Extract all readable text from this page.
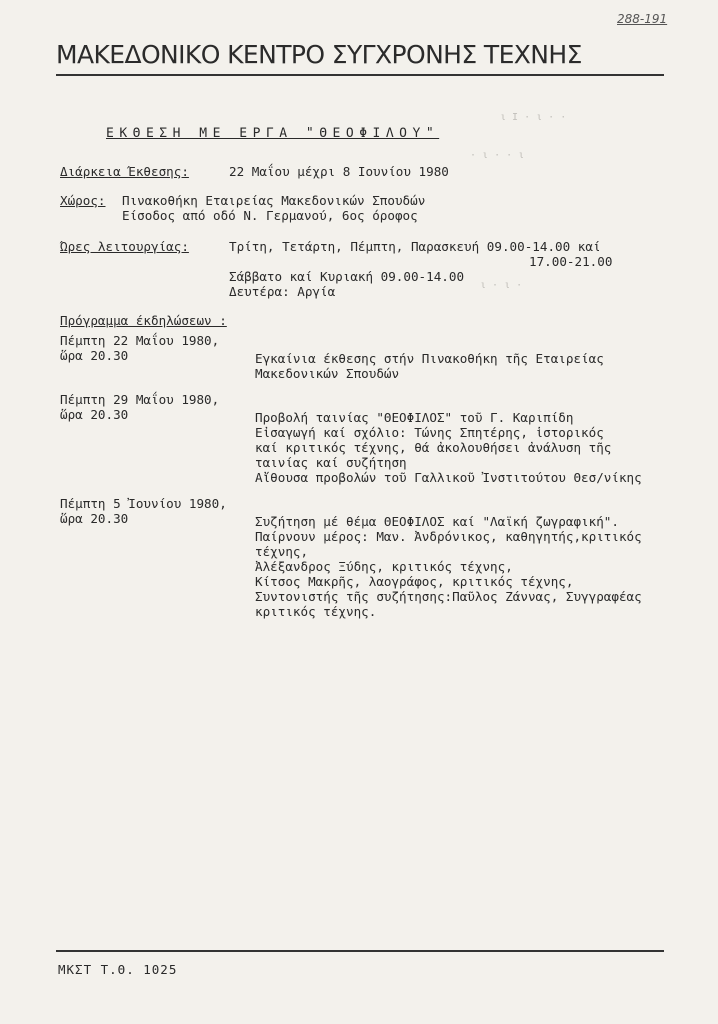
288-191
ΜΑΚΕΔΟΝΙΚΟ ΚΕΝΤΡΟ ΣΥΓΧΡΟΝΗΣ ΤΕΧΝΗΣ
ΕΚΘΕΣΗ ΜΕ ΕΡΓΑ "ΘΕΟΦΙΛΟΥ"
ι Ι · ι · ·
· ι · · ι
ι · ι ·
Διάρκεια Έκθεσης:	22 Μαΐου μέχρι 8 Ιουνίου 1980
Χώρος: Πινακοθήκη Εταιρείας Μακεδονικών Σπουδών
Είσοδος από οδό Ν. Γερμανού, 6ος όροφος
Ώρες λειτουργίας:	Τρίτη, Τετάρτη, Πέμπτη, Παρασκευή 09.00-14.00 καί
17.00-21.00
Σάββατο καί Κυριακή 09.00-14.00
Δευτέρα: Αργία
Πρόγραμμα έκδηλώσεων :
Πέμπτη 22 Μαΐου 1980,
ὥρα 20.30	Εγκαίνια έκθεσης στήν Πινακοθήκη τῆς Εταιρείας
Μακεδονικών Σπουδών
Πέμπτη 29 Μαΐου 1980,
ὥρα 20.30	Προβολή ταινίας "ΘΕΟΦΙΛΟΣ" τοῦ Γ. Καριπίδη
Εἰσαγωγή καί σχόλιο: Τώνης Σπητέρης, ἱστορικός
καί κριτικός τέχνης, θά ἀκολουθήσει ἀνάλυση τῆς
ταινίας καί συζήτηση
Αἴθουσα προβολών τοῦ Γαλλικοῦ Ἰνστιτούτου Θεσ/νίκης
Πέμπτη 5 Ἰουνίου 1980,
ὥρα 20.30	Συζήτηση μέ θέμα ΘΕΟΦΙΛΟΣ καί "Λαϊκή ζωγραφική".
Παίρνουν μέρος: Μαν. Ἀνδρόνικος, καθηγητής,κριτικός
τέχνης,
Ἀλέξανδρος Ξύδης, κριτικός τέχνης,
Κίτσος Μακρῆς, λαογράφος, κριτικός τέχνης,
Συντονιστής τῆς συζήτησης:Παῦλος Ζάννας, Συγγραφέας
κριτικός τέχνης.
ΜΚΣΤ Τ.Θ. 1025
